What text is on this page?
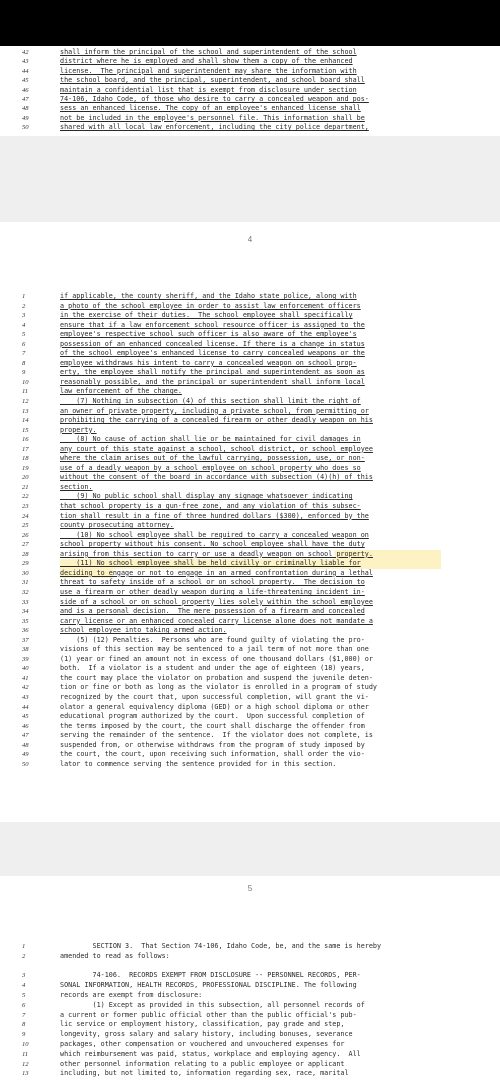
42	shall inform the principal of the school and superintendent of the school
43	district where he is employed and shall show them a copy of the enhanced
44	license.  The principal and superintendent may share the information with
45	the school board, and the principal, superintendent, and school board shall
46	maintain a confidential list that is exempt from disclosure under section
47	74-106, Idaho Code, of those who desire to carry a concealed weapon and pos-
48	sess an enhanced license. The copy of an employee's enhanced license shall
49	not be included in the employee's personnel file. This information shall be
50	shared with all local law enforcement, including the city police department,
4
1	if applicable, the county sheriff, and the Idaho state police, along with
2	a photo of the school employee in order to assist law enforcement officers
3	in the exercise of their duties.  The school employee shall specifically
4	ensure that if a law enforcement school resource officer is assigned to the
5	employee's respective school such officer is also aware of the employee's
6	possession of an enhanced concealed license. If there is a change in status
7	of the school employee's enhanced license to carry concealed weapons or the
8	employee withdraws his intent to carry a concealed weapon on school prop-
9	erty, the employee shall notify the principal and superintendent as soon as
10	reasonably possible, and the principal or superintendent shall inform local
11	law enforcement of the change.
12	(7) Nothing in subsection (4) of this section shall limit the right of
13	an owner of private property, including a private school, from permitting or
14	prohibiting the carrying of a concealed firearm or other deadly weapon on his
15	property.
16	(8) No cause of action shall lie or be maintained for civil damages in
17	any court of this state against a school, school district, or school employee
18	where the claim arises out of the lawful carrying, possession, use, or non-
19	use of a deadly weapon by a school employee on school property who does so
20	without the consent of the board in accordance with subsection (4)(h) of this
21	section.
22	(9) No public school shall display any signage whatsoever indicating
23	that school property is a gun-free zone, and any violation of this subsec-
24	tion shall result in a fine of three hundred dollars ($300), enforced by the
25	county prosecuting attorney.
26	(10) No school employee shall be required to carry a concealed weapon on
27	school property without his consent. No school employee shall have the duty
28	arising from this section to carry or use a deadly weapon on school property.
29	(11) No school employee shall be held civilly or criminally liable for
30	deciding to engage or not to engage in an armed confrontation during a lethal
31	threat to safety inside of a school or on school property.  The decision to
32	use a firearm or other deadly weapon during a life-threatening incident in-
33	side of a school or on school property lies solely within the school employee
34	and is a personal decision.  The mere possession of a firearm and concealed
35	carry license or an enhanced concealed carry license alone does not mandate a
36	school employee into taking armed action.
37	(5) (12) Penalties.  Persons who are found guilty of violating the pro-
38	visions of this section may be sentenced to a jail term of not more than one
39	(1) year or fined an amount not in excess of one thousand dollars ($1,000) or
40	both.  If a violator is a student and under the age of eighteen (18) years,
41	the court may place the violator on probation and suspend the juvenile deten-
42	tion or fine or both as long as the violator is enrolled in a program of study
43	recognized by the court that, upon successful completion, will grant the vi-
44	olator a general equivalency diploma (GED) or a high school diploma or other
45	educational program authorized by the court.  Upon successful completion of
46	the terms imposed by the court, the court shall discharge the offender from
47	serving the remainder of the sentence.  If the violator does not complete, is
48	suspended from, or otherwise withdraws from the program of study imposed by
49	the court, the court, upon receiving such information, shall order the vio-
50	lator to commence serving the sentence provided for in this section.
5
1	SECTION 3.  That Section 74-106, Idaho Code, be, and the same is hereby
2	amended to read as follows:
3	74-106.  RECORDS EXEMPT FROM DISCLOSURE -- PERSONNEL RECORDS, PER-
4	SONAL INFORMATION, HEALTH RECORDS, PROFESSIONAL DISCIPLINE. The following
5	records are exempt from disclosure:
6	(1) Except as provided in this subsection, all personnel records of
7	a current or former public official other than the public official's pub-
8	lic service or employment history, classification, pay grade and step,
9	longevity, gross salary and salary history, including bonuses, severance
10	packages, other compensation or vouchered and unvouchered expenses for
11	which reimbursement was paid, status, workplace and employing agency.  All
12	other personnel information relating to a public employee or applicant
13	including, but not limited to, information regarding sex, race, marital
